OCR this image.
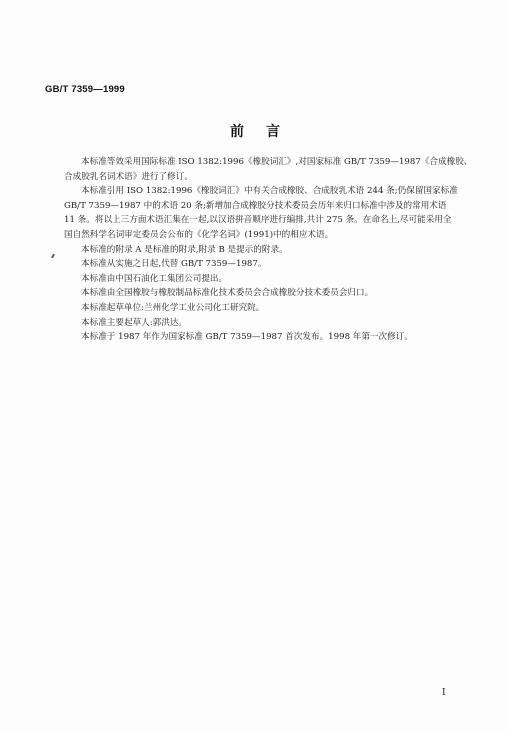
GB/T 7359—1999
前言

本标准等效采用国际标准 ISO 1382:1996《橡胶词汇》,对国家标准 GB/T 7359—1987《合成橡胶、
合成胶乳名词术语》进行了修订。

本标准引用 ISO 1382:1996《橡胶词汇》中有关合成橡胶、合成胶乳术语 244 条;仍保留国家标准
GB/T 7359—1987 中的术语 20 条;新增加合成橡胶分技术委员会历年来归口标准中涉及的常用术语
11 条。将以上三方面术语汇集在一起,以汉语拼音顺序进行编排,共计 275 条。在命名上,尽可能采用全
国自然科学名词审定委员会公布的《化学名词》(1991)中的相应术语。

本标准的附录 A 是标准的附录,附录 B 是提示的附录。

本标准从实施之日起,代替 GB/T 7359—1987。

本标准由中国石油化工集团公司提出。

本标准由全国橡胶与橡胶制品标准化技术委员会合成橡胶分技术委员会归口。

本标准起草单位:兰州化学工业公司化工研究院。

本标准主要起草人:郭洪达。

本标准于 1987 年作为国家标准 GB/T 7359—1987 首次发布。1998 年第一次修订。

I
